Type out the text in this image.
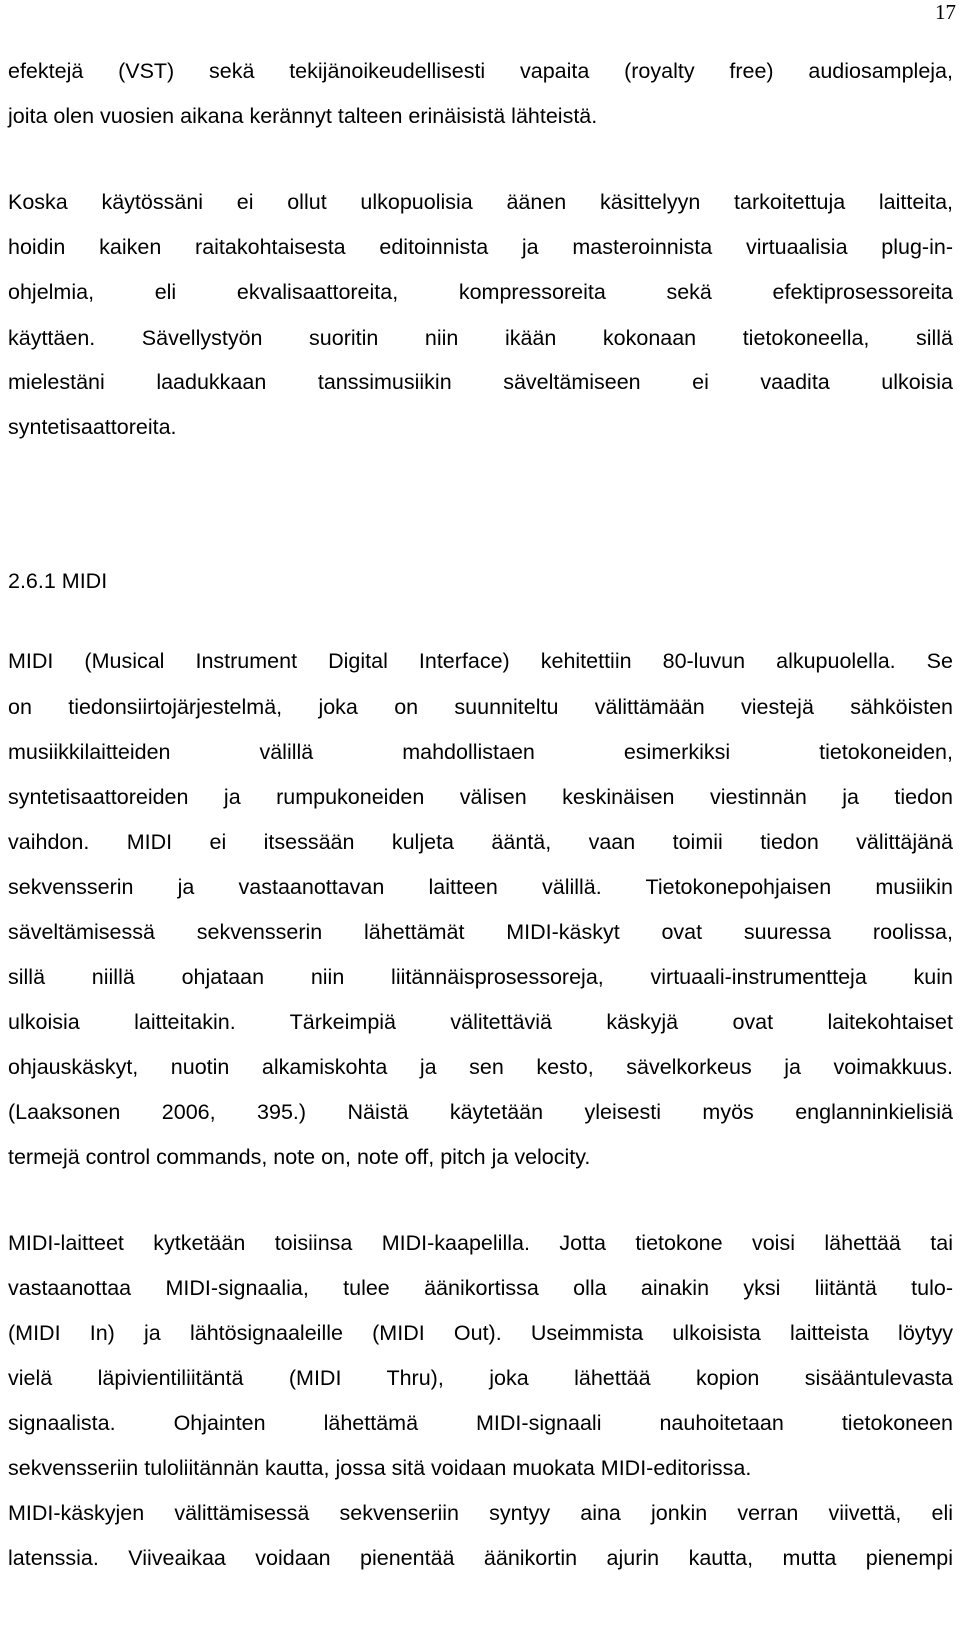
17
efektejä (VST) sekä tekijänoikeudellisesti vapaita (royalty free) audiosampleja,
joita olen vuosien aikana kerännyt talteen erinäisistä lähteistä.
Koska käytössäni ei ollut ulkopuolisia äänen käsittelyyn tarkoitettuja laitteita,
hoidin kaiken raitakohtaisesta editoinnista ja masteroinnista virtuaalisia plug-in-
ohjelmia, eli ekvalisaattoreita, kompressoreita sekä efektiprosessoreita
käyttäen. Sävellystyön suoritin niin ikään kokonaan tietokoneella, sillä
mielestäni laadukkaan tanssimusiikin säveltämiseen ei vaadita ulkoisia
syntetisaattoreita.
2.6.1 MIDI
MIDI (Musical Instrument Digital Interface) kehitettiin 80-luvun alkupuolella. Se
on tiedonsiirtojärjestelmä, joka on suunniteltu välittämään viestejä sähköisten
musiikkilaitteiden välillä mahdollistaen esimerkiksi tietokoneiden,
syntetisaattoreiden ja rumpukoneiden välisen keskinäisen viestinnän ja tiedon
vaihdon. MIDI ei itsessään kuljeta ääntä, vaan toimii tiedon välittäjänä
sekvensserin ja vastaanottavan laitteen välillä. Tietokonepohjaisen musiikin
säveltämisessä sekvensserin lähettämät MIDI-käskyt ovat suuressa roolissa,
sillä niillä ohjataan niin liitännäisprosessoreja, virtuaali-instrumentteja kuin
ulkoisia laitteitakin. Tärkeimpiä välitettäviä käskyjä ovat laitekohtaiset
ohjauskäskyt, nuotin alkamiskohta ja sen kesto, sävelkorkeus ja voimakkuus.
(Laaksonen 2006, 395.) Näistä käytetään yleisesti myös englanninkielisiä
termejä control commands, note on, note off, pitch ja velocity.
MIDI-laitteet kytketään toisiinsa MIDI-kaapelilla. Jotta tietokone voisi lähettää tai
vastaanottaa MIDI-signaalia, tulee äänikortissa olla ainakin yksi liitäntä tulo-
(MIDI In) ja lähtösignaaleille (MIDI Out). Useimmista ulkoisista laitteista löytyy
vielä läpivientiliitäntä (MIDI Thru), joka lähettää kopion sisääntulevasta
signaalista. Ohjainten lähettämä MIDI-signaali nauhoitetaan tietokoneen
sekvensseriin tuloliitännän kautta, jossa sitä voidaan muokata MIDI-editorissa.
MIDI-käskyjen välittämisessä sekvenseriin syntyy aina jonkin verran viivettä, eli
latenssia. Viiveaikaa voidaan pienentää äänikortin ajurin kautta, mutta pienempi
